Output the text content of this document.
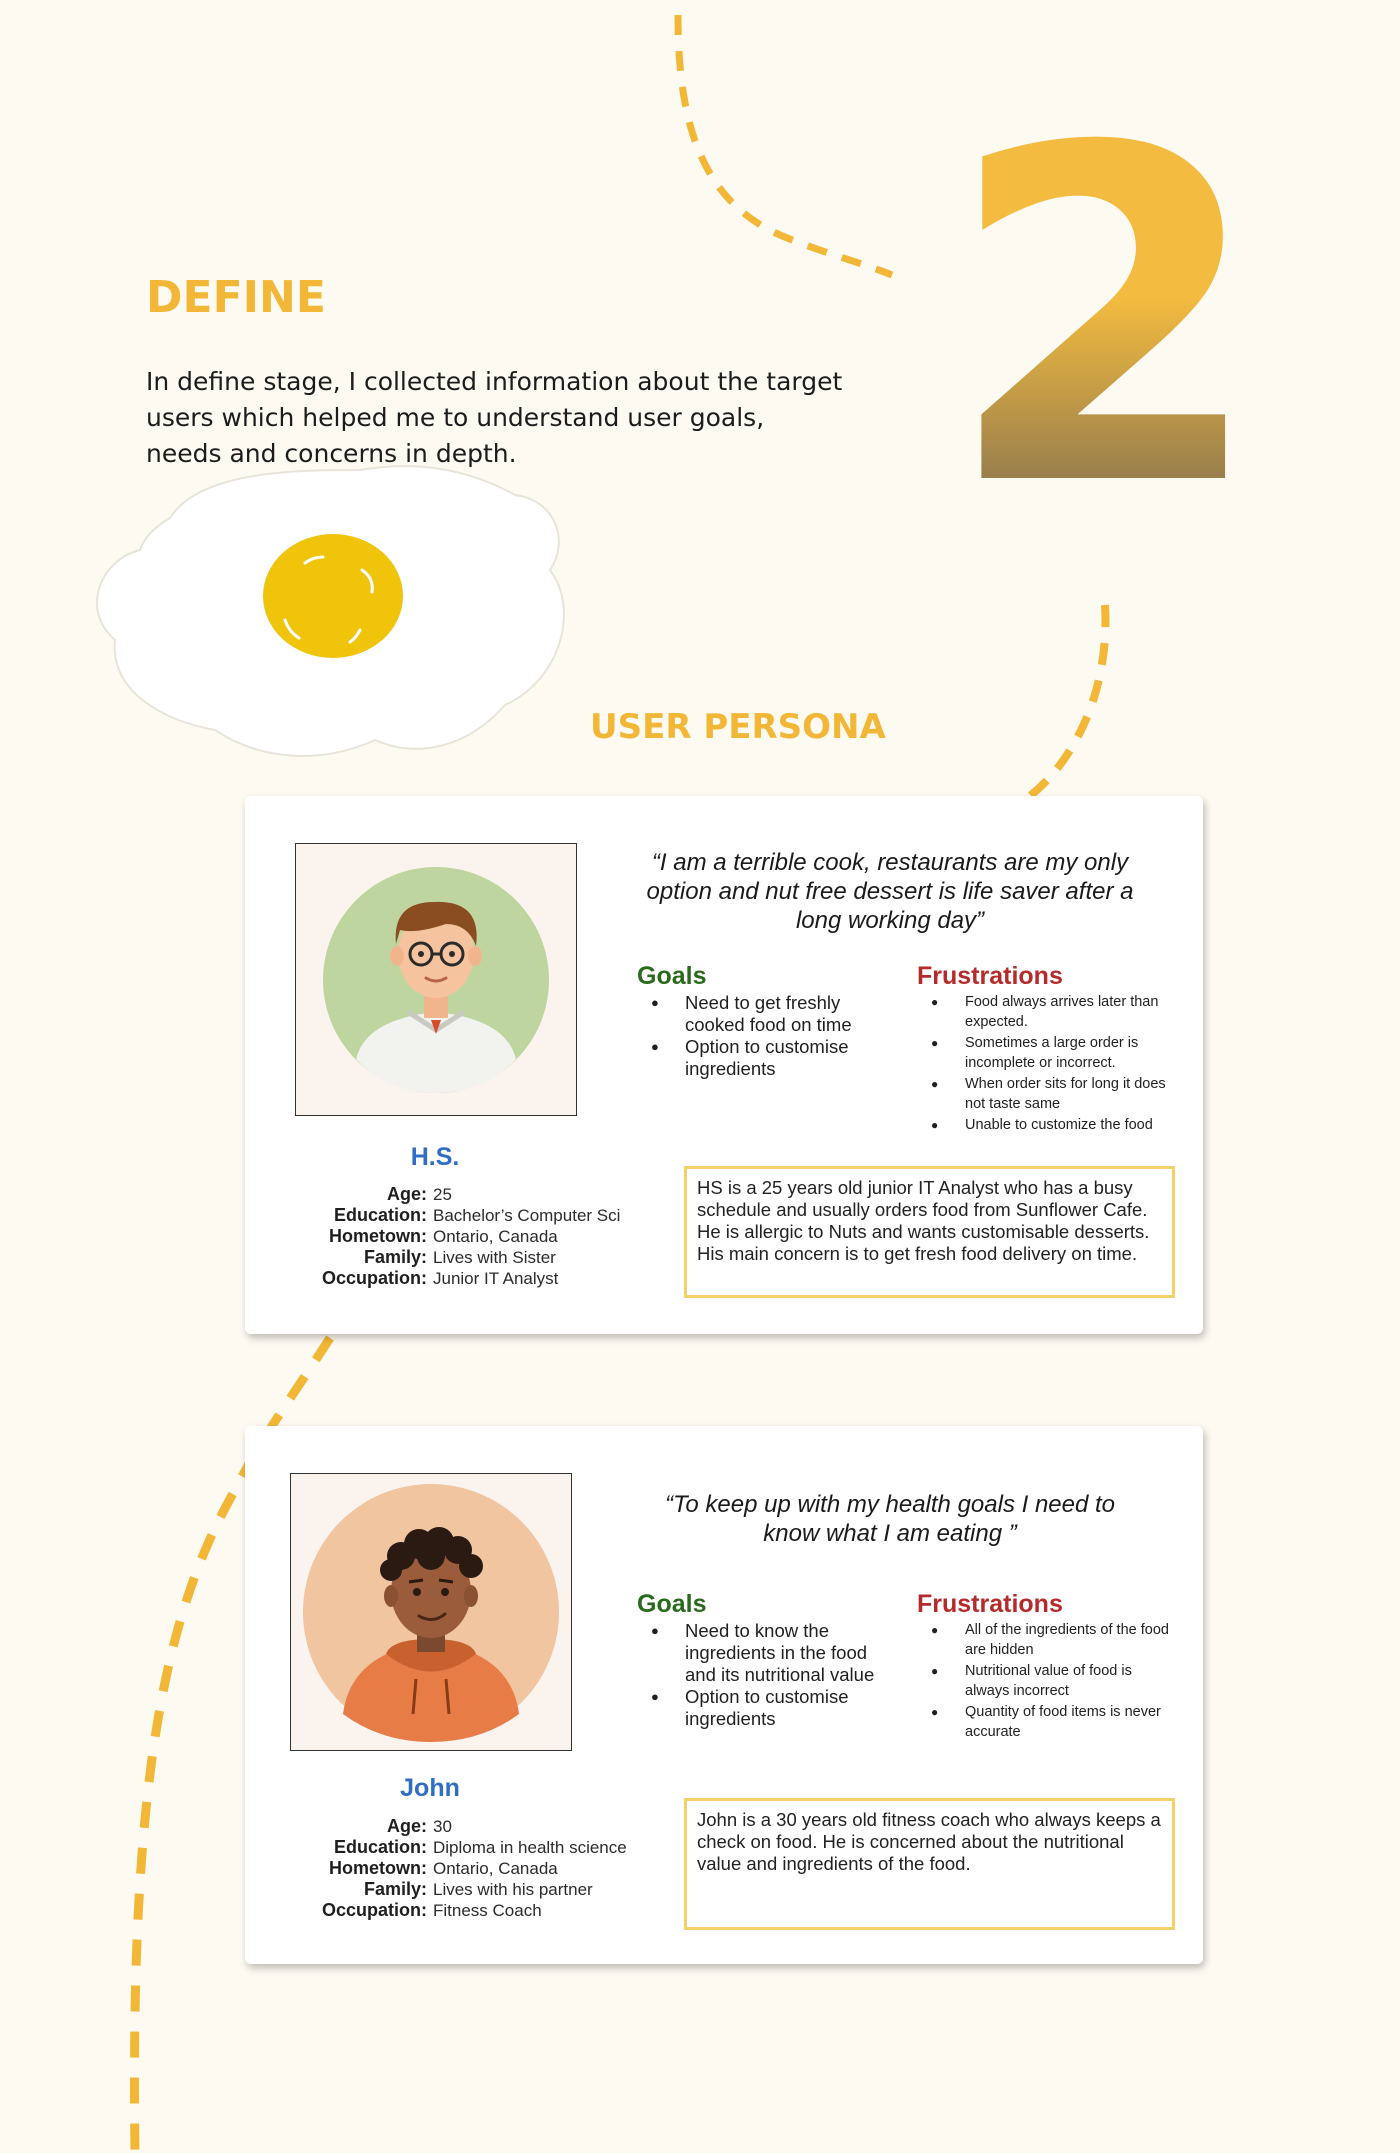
DEFINE

In define stage, I collected information about the target users which helped me to understand user goals, needs and concerns in depth. 2
USER PERSONA
H.S.
Age: 25
Education: Bachelor’s Computer Sci
Hometown: Ontario, Canada
Family: Lives with Sister
Occupation: Junior IT Analyst

“I am a terrible cook, restaurants are my only option and nut free dessert is life saver after a long working day”

Goals
● Need to get freshly cooked food on time
● Option to customise ingredients
Frustrations
● Food always arrives later than expected.
● Sometimes a large order is incomplete or incorrect.
● When order sits for long it does not taste same
● Unable to customize the food
HS is a 25 years old junior IT Analyst who has a busy schedule and usually orders food from Sunflower Cafe. He is allergic to Nuts and wants customisable desserts. His main concern is to get fresh food delivery on time.
John
Age: 30
Education: Diploma in health science
Hometown: Ontario, Canada
Family: Lives with his partner
Occupation: Fitness Coach

“To keep up with my health goals I need to know what I am eating ”

Goals
● Need to know the ingredients in the food and its nutritional value
● Option to customise ingredients
Frustrations
● All of the ingredients of the food are hidden
● Nutritional value of food is always incorrect
● Quantity of food items is never accurate
John is a 30 years old fitness coach who always keeps a check on food. He is concerned about the nutritional value and ingredients of the food.
